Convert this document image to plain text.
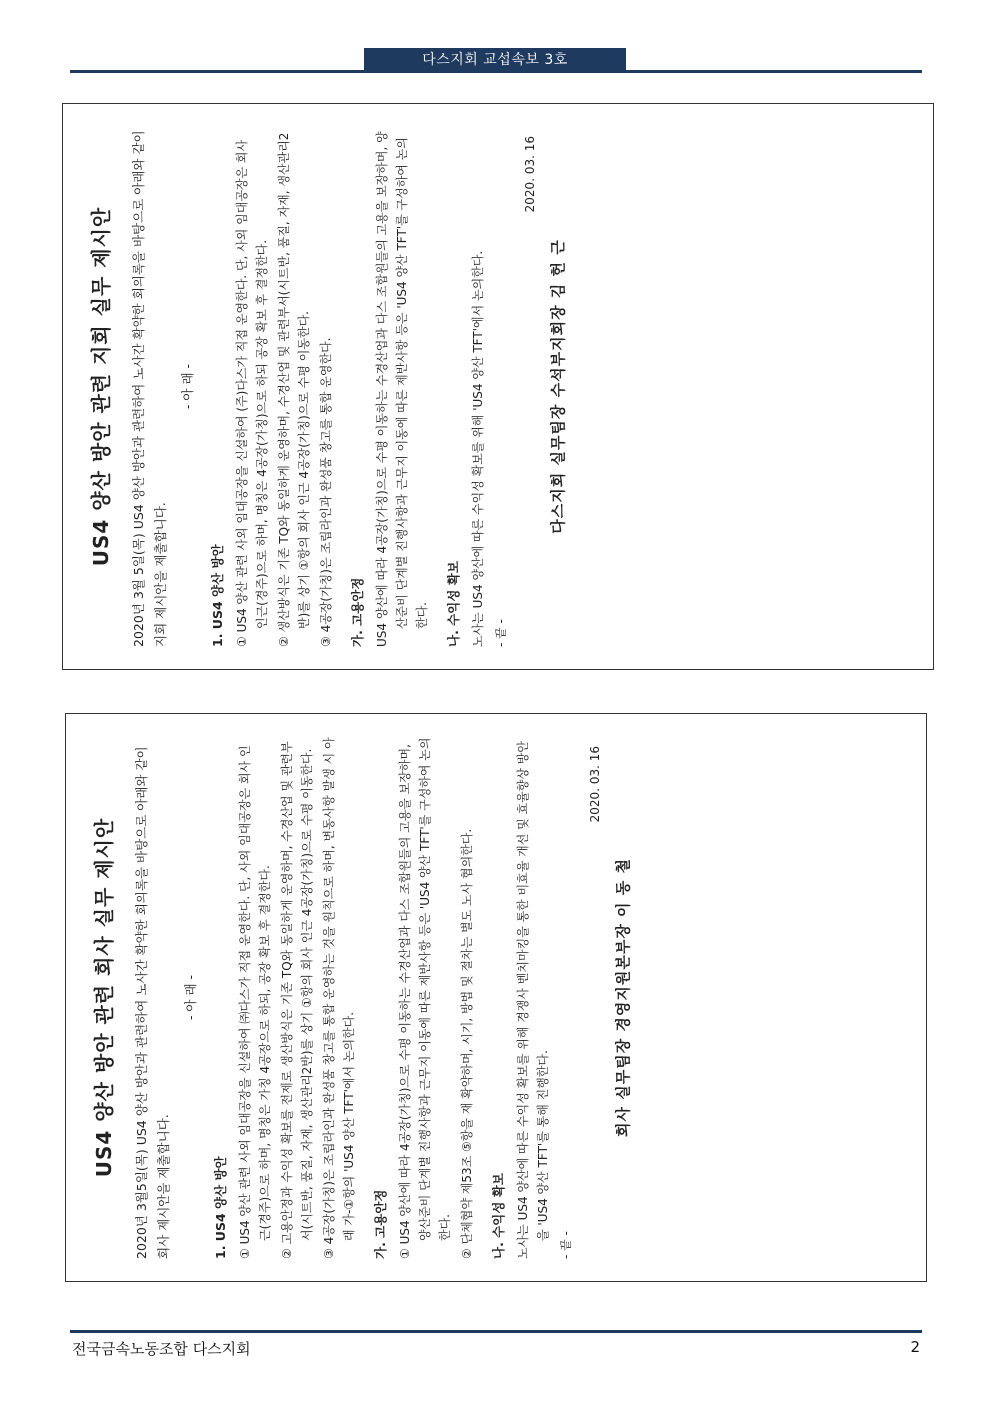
다스지회 교섭속보 3호
US4 양산 방안 관련 지회 실무 제시안 2020년 3월 5일(목) US4 양산 방안과 관련하여 노사간 확약한 회의록을 바탕으로 아래와 같이 지회 제시안을 제출합니다.
- 아 래 -
1. US4 양산 방안 ① US4 양산 관련 사외 임대공장을 신설하여 (주)다스가 직접 운영한다. 단, 사외 임대공장은 회사 인근(경주)으로 하며, 명칭은 4공장(가칭)으로 하되 공장 확보 후 결정한다. ② 생산방식은 기존 TQ와 동일하게 운영하며, 수경산업 및 관련부서(시트반, 품질, 자재, 생산관리2반)를 상기 ①항의 회사 인근 4공장(가칭)으로 수평 이동한다. ③ 4공장(가칭)은 조립라인과 완성품 창고를 통합 운영한다. 가. 고용안정 US4 양산에 따라 4공장(가칭)으로 수평 이동하는 수경산업과 다스 조합원들의 고용을 보장하며, 양산준비 단계별 진행사항과 근무지 이동에 따른 제반사항 등은 'US4 양산 TFT'를 구성하여 논의한다. 나. 수익성 확보 노사는 US4 양산에 따른 수익성 확보를 위해 'US4 양산 TFT'에서 논의한다. - 끝 -
2020. 03. 16
다스지회 실무팀장 수석부지회장 김 헌 근
US4 양산 방안 관련 회사 실무 제시안 2020년 3월5일(목) US4 양산 방안과 관련하여 노사간 확약한 회의록을 바탕으로 아래와 같이 회사 제시안을 제출합니다.
- 아 래 -
1. US4 양산 방안 ① US4 양산 관련 사외 임대공장을 신설하여 ㈜다스가 직접 운영한다. 단, 사외 임대공장은 회사 인근(경주)으로 하며, 명칭은 가칭 4공장으로 하되, 공장 확보 후 결정한다. ② 고용안정과 수익성 확보를 전제로 생산방식은 기존 TQ와 동일하게 운영하며, 수경산업 및 관련부서(시트반, 품질, 자재, 생산관리2반)를 상기 ①항의 회사 인근 4공장(가칭)으로 수평 이동한다. ③ 4공장(가칭)은 조립라인과 완성품 창고를 통합 운영하는 것을 원칙으로 하며, 변동사항 발생 시 아래 가-①항의 'US4 양산 TFT'에서 논의한다. 가. 고용안정 ① US4 양산에 따라 4공장(가칭)으로 수평 이동하는 수경산업과 다스 조합원들의 고용을 보장하며, 양산준비 단계별 진행사항과 근무지 이동에 따른 제반사항 등은 'US4 양산 TFT'를 구성하여 논의한다. ② 단체협약 제53조 ⑤항을 재 확약하며, 시기, 방법 및 절차는 별도 노사 협의한다. 나. 수익성 확보 노사는 US4 양산에 따른 수익성 확보를 위해 경쟁사 벤치마킹을 통한 비효율 개선 및 효율향상 방안을 'US4 양산 TFT'를 통해 진행한다.
- 끝 -
2020. 03. 16
회사 실무팀장 경영지원본부장 이 동 철
전국금속노동조합 다스지회	2
